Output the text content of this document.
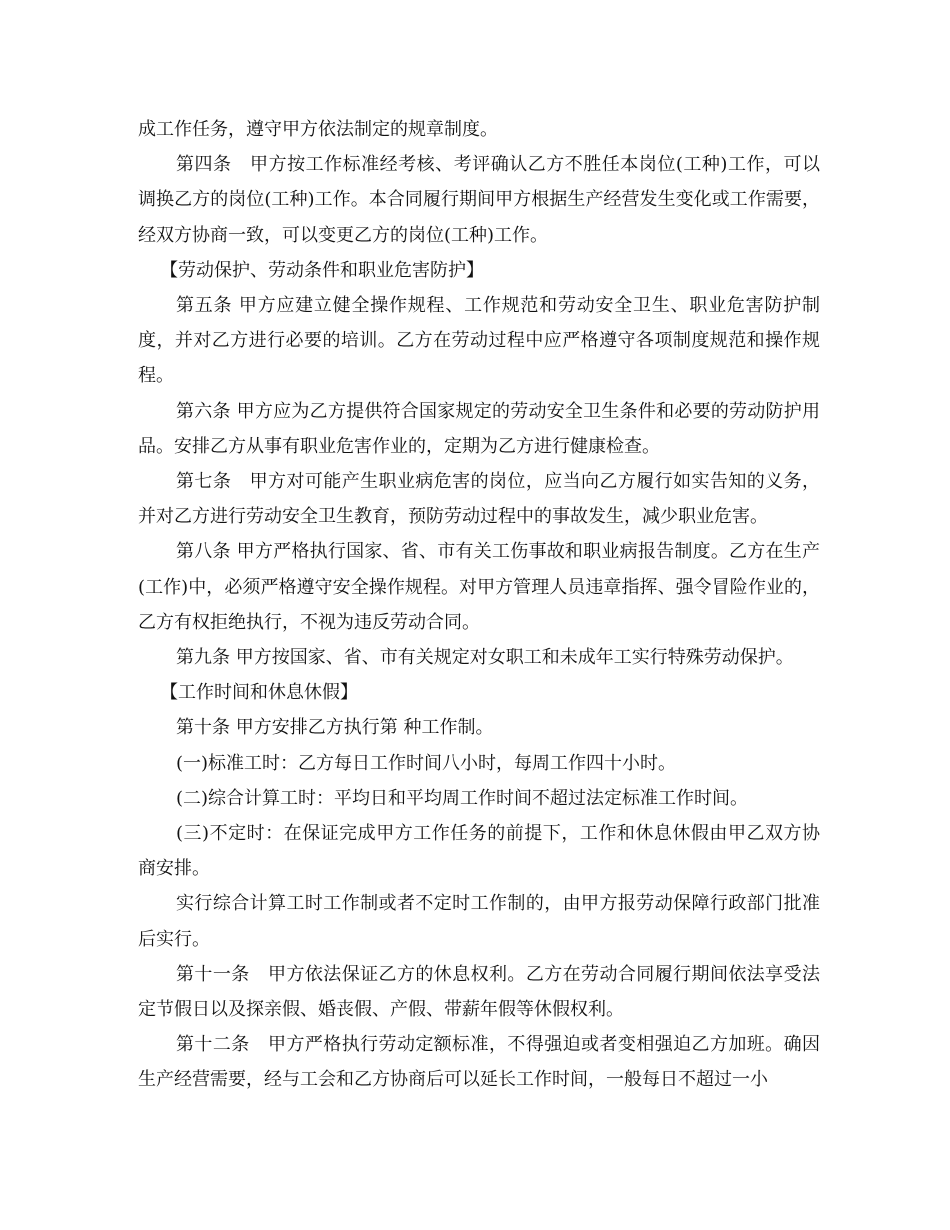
成工作任务，遵守甲方依法制定的规章制度。

第四条　甲方按工作标准经考核、考评确认乙方不胜任本岗位(工种)工作，可以调换乙方的岗位(工种)工作。本合同履行期间甲方根据生产经营发生变化或工作需要，经双方协商一致，可以变更乙方的岗位(工种)工作。

【劳动保护、劳动条件和职业危害防护】

第五条 甲方应建立健全操作规程、工作规范和劳动安全卫生、职业危害防护制度，并对乙方进行必要的培训。乙方在劳动过程中应严格遵守各项制度规范和操作规程。

第六条 甲方应为乙方提供符合国家规定的劳动安全卫生条件和必要的劳动防护用品。安排乙方从事有职业危害作业的，定期为乙方进行健康检查。

第七条　甲方对可能产生职业病危害的岗位，应当向乙方履行如实告知的义务，并对乙方进行劳动安全卫生教育，预防劳动过程中的事故发生，减少职业危害。

第八条 甲方严格执行国家、省、市有关工伤事故和职业病报告制度。乙方在生产(工作)中，必须严格遵守安全操作规程。对甲方管理人员违章指挥、强令冒险作业的，乙方有权拒绝执行，不视为违反劳动合同。

第九条 甲方按国家、省、市有关规定对女职工和未成年工实行特殊劳动保护。

【工作时间和休息休假】

第十条 甲方安排乙方执行第 种工作制。

(一)标准工时：乙方每日工作时间八小时，每周工作四十小时。

(二)综合计算工时：平均日和平均周工作时间不超过法定标准工作时间。

(三)不定时：在保证完成甲方工作任务的前提下，工作和休息休假由甲乙双方协商安排。

实行综合计算工时工作制或者不定时工作制的，由甲方报劳动保障行政部门批准后实行。

第十一条　甲方依法保证乙方的休息权利。乙方在劳动合同履行期间依法享受法定节假日以及探亲假、婚丧假、产假、带薪年假等休假权利。

第十二条　甲方严格执行劳动定额标准，不得强迫或者变相强迫乙方加班。确因生产经营需要，经与工会和乙方协商后可以延长工作时间，一般每日不超过一小
